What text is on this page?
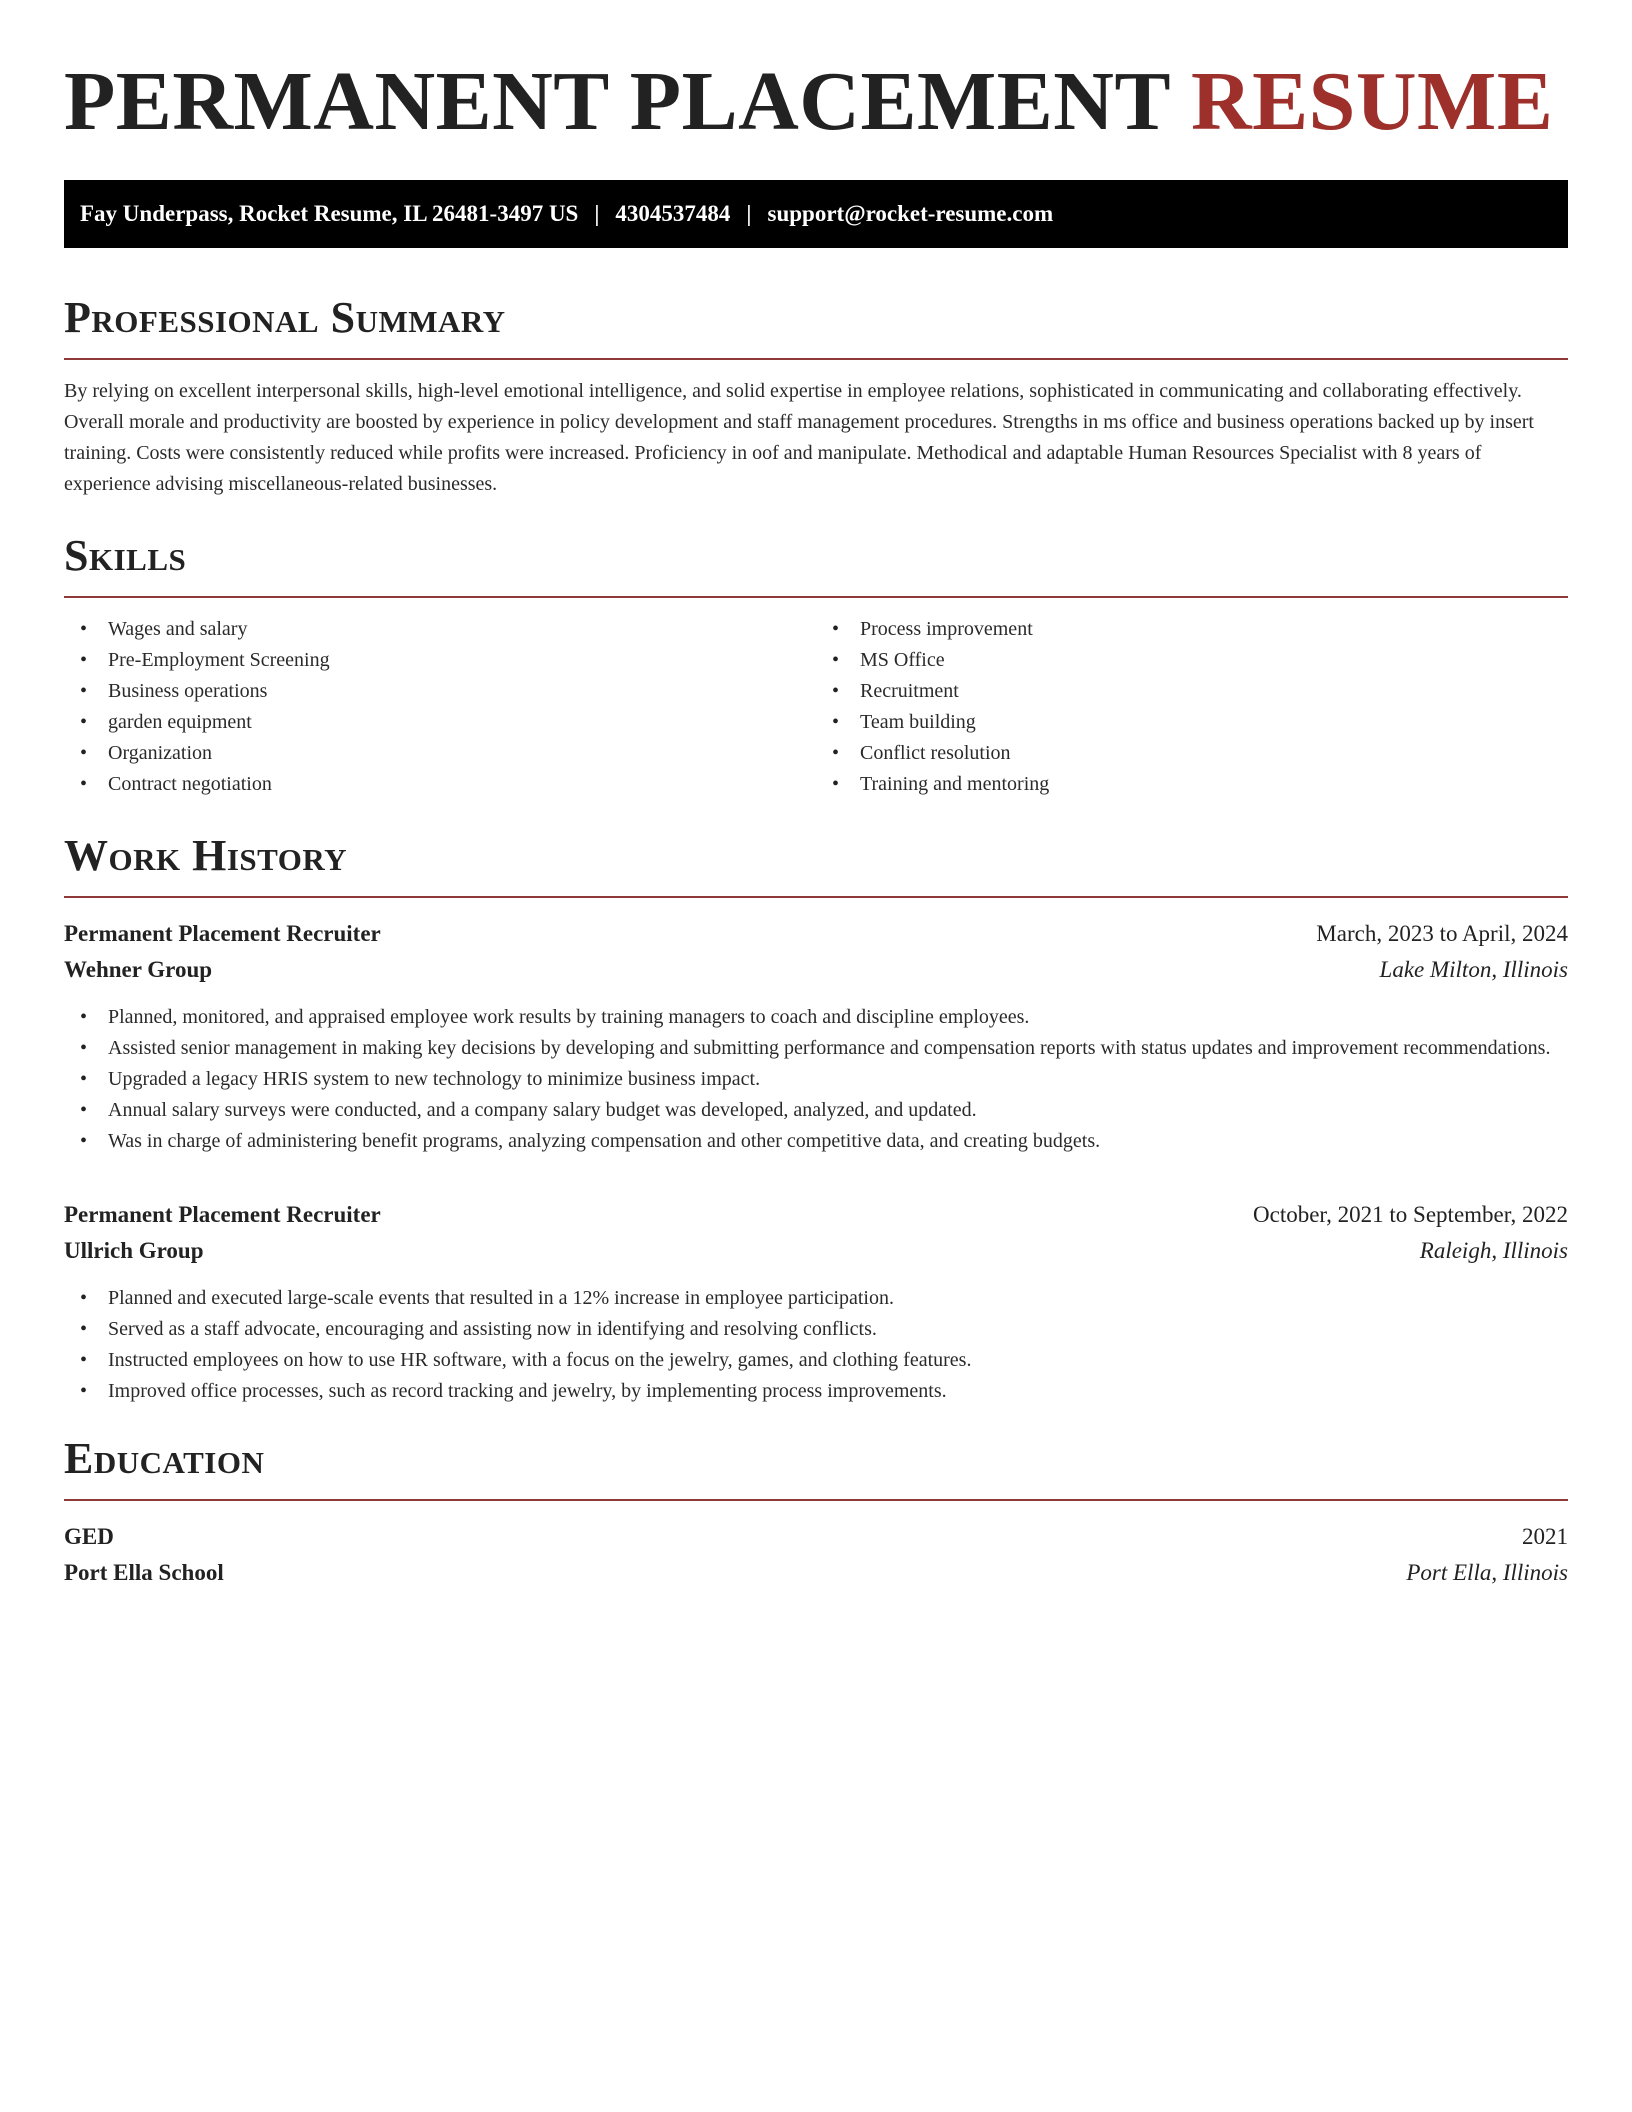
PERMANENT PLACEMENT RESUME
Fay Underpass, Rocket Resume, IL 26481-3497 US | 4304537484 | support@rocket-resume.com
Professional Summary

By relying on excellent interpersonal skills, high-level emotional intelligence, and solid expertise in employee relations, sophisticated in communicating and collaborating effectively. Overall morale and productivity are boosted by experience in policy development and staff management procedures. Strengths in ms office and business operations backed up by insert training. Costs were consistently reduced while profits were increased. Proficiency in oof and manipulate. Methodical and adaptable Human Resources Specialist with 8 years of experience advising miscellaneous-related businesses.

Skills
• Wages and salary
• Pre-Employment Screening
• Business operations
• garden equipment
• Organization
• Contract negotiation
• Process improvement
• MS Office
• Recruitment
• Team building
• Conflict resolution
• Training and mentoring
Work History
Permanent Placement Recruiter	March, 2023 to April, 2024
Wehner Group	Lake Milton, Illinois
• Planned, monitored, and appraised employee work results by training managers to coach and discipline employees.
• Assisted senior management in making key decisions by developing and submitting performance and compensation reports with status updates and improvement recommendations.
• Upgraded a legacy HRIS system to new technology to minimize business impact.
• Annual salary surveys were conducted, and a company salary budget was developed, analyzed, and updated.
• Was in charge of administering benefit programs, analyzing compensation and other competitive data, and creating budgets.
Permanent Placement Recruiter	October, 2021 to September, 2022
Ullrich Group	Raleigh, Illinois
• Planned and executed large-scale events that resulted in a 12% increase in employee participation.
• Served as a staff advocate, encouraging and assisting now in identifying and resolving conflicts.
• Instructed employees on how to use HR software, with a focus on the jewelry, games, and clothing features.
• Improved office processes, such as record tracking and jewelry, by implementing process improvements.
Education
GED	2021
Port Ella School	Port Ella, Illinois
